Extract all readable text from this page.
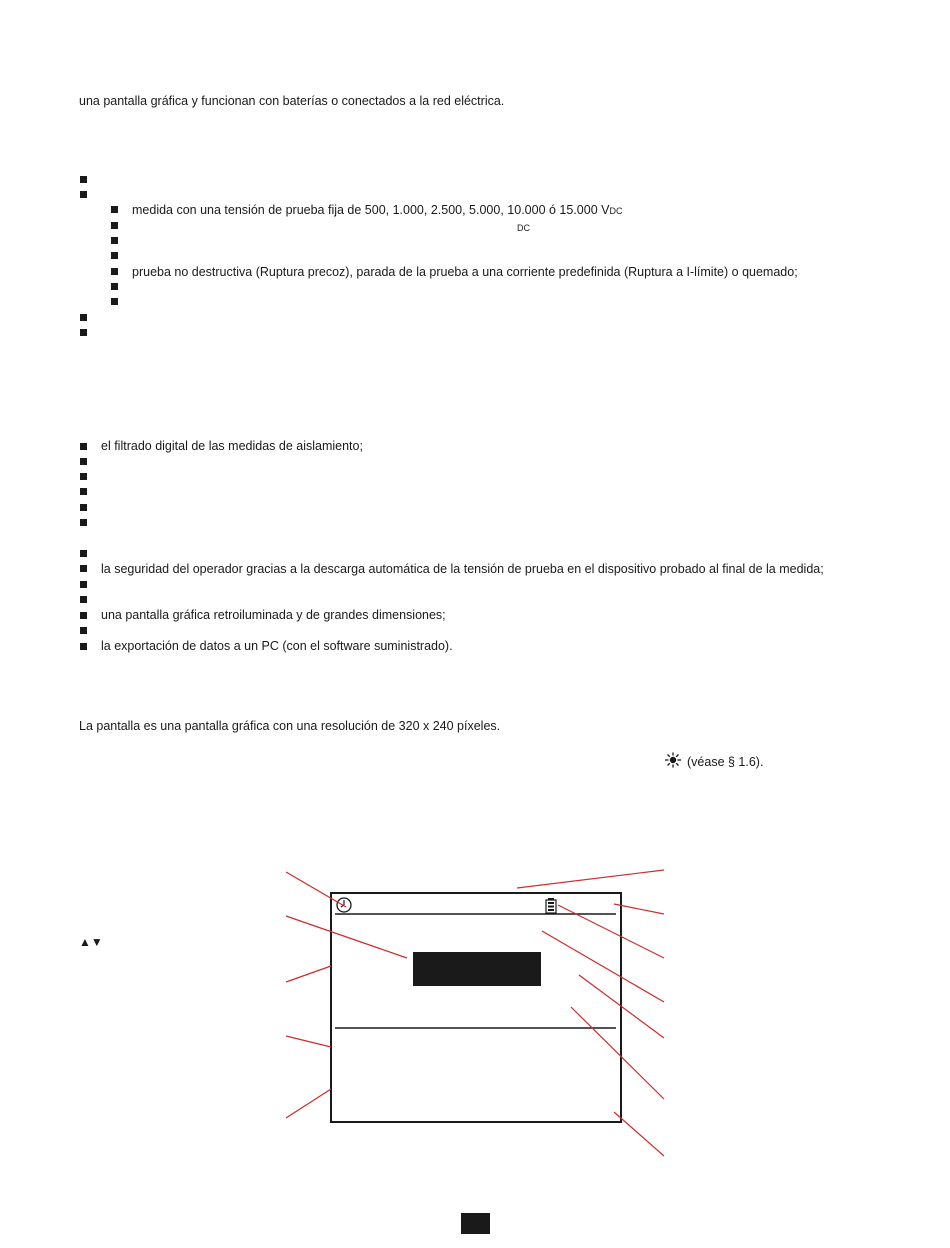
una pantalla gráfica y funcionan con baterías o conectados a la red eléctrica.
medida con una tensión de prueba fija de 500, 1.000, 2.500, 5.000, 10.000 ó 15.000 VDC
DC
prueba no destructiva (Ruptura precoz), parada de la prueba a una corriente predefinida (Ruptura a I-límite) o quemado;
el filtrado digital de las medidas de aislamiento;
la seguridad del operador gracias a la descarga automática de la tensión de prueba en el dispositivo probado al final de la medida;
una pantalla gráfica retroiluminada y de grandes dimensiones;
la exportación de datos a un PC (con el software suministrado).
La pantalla es una pantalla gráfica con una resolución de 320 x 240 píxeles.
(véase § 1.6).
▲▼
